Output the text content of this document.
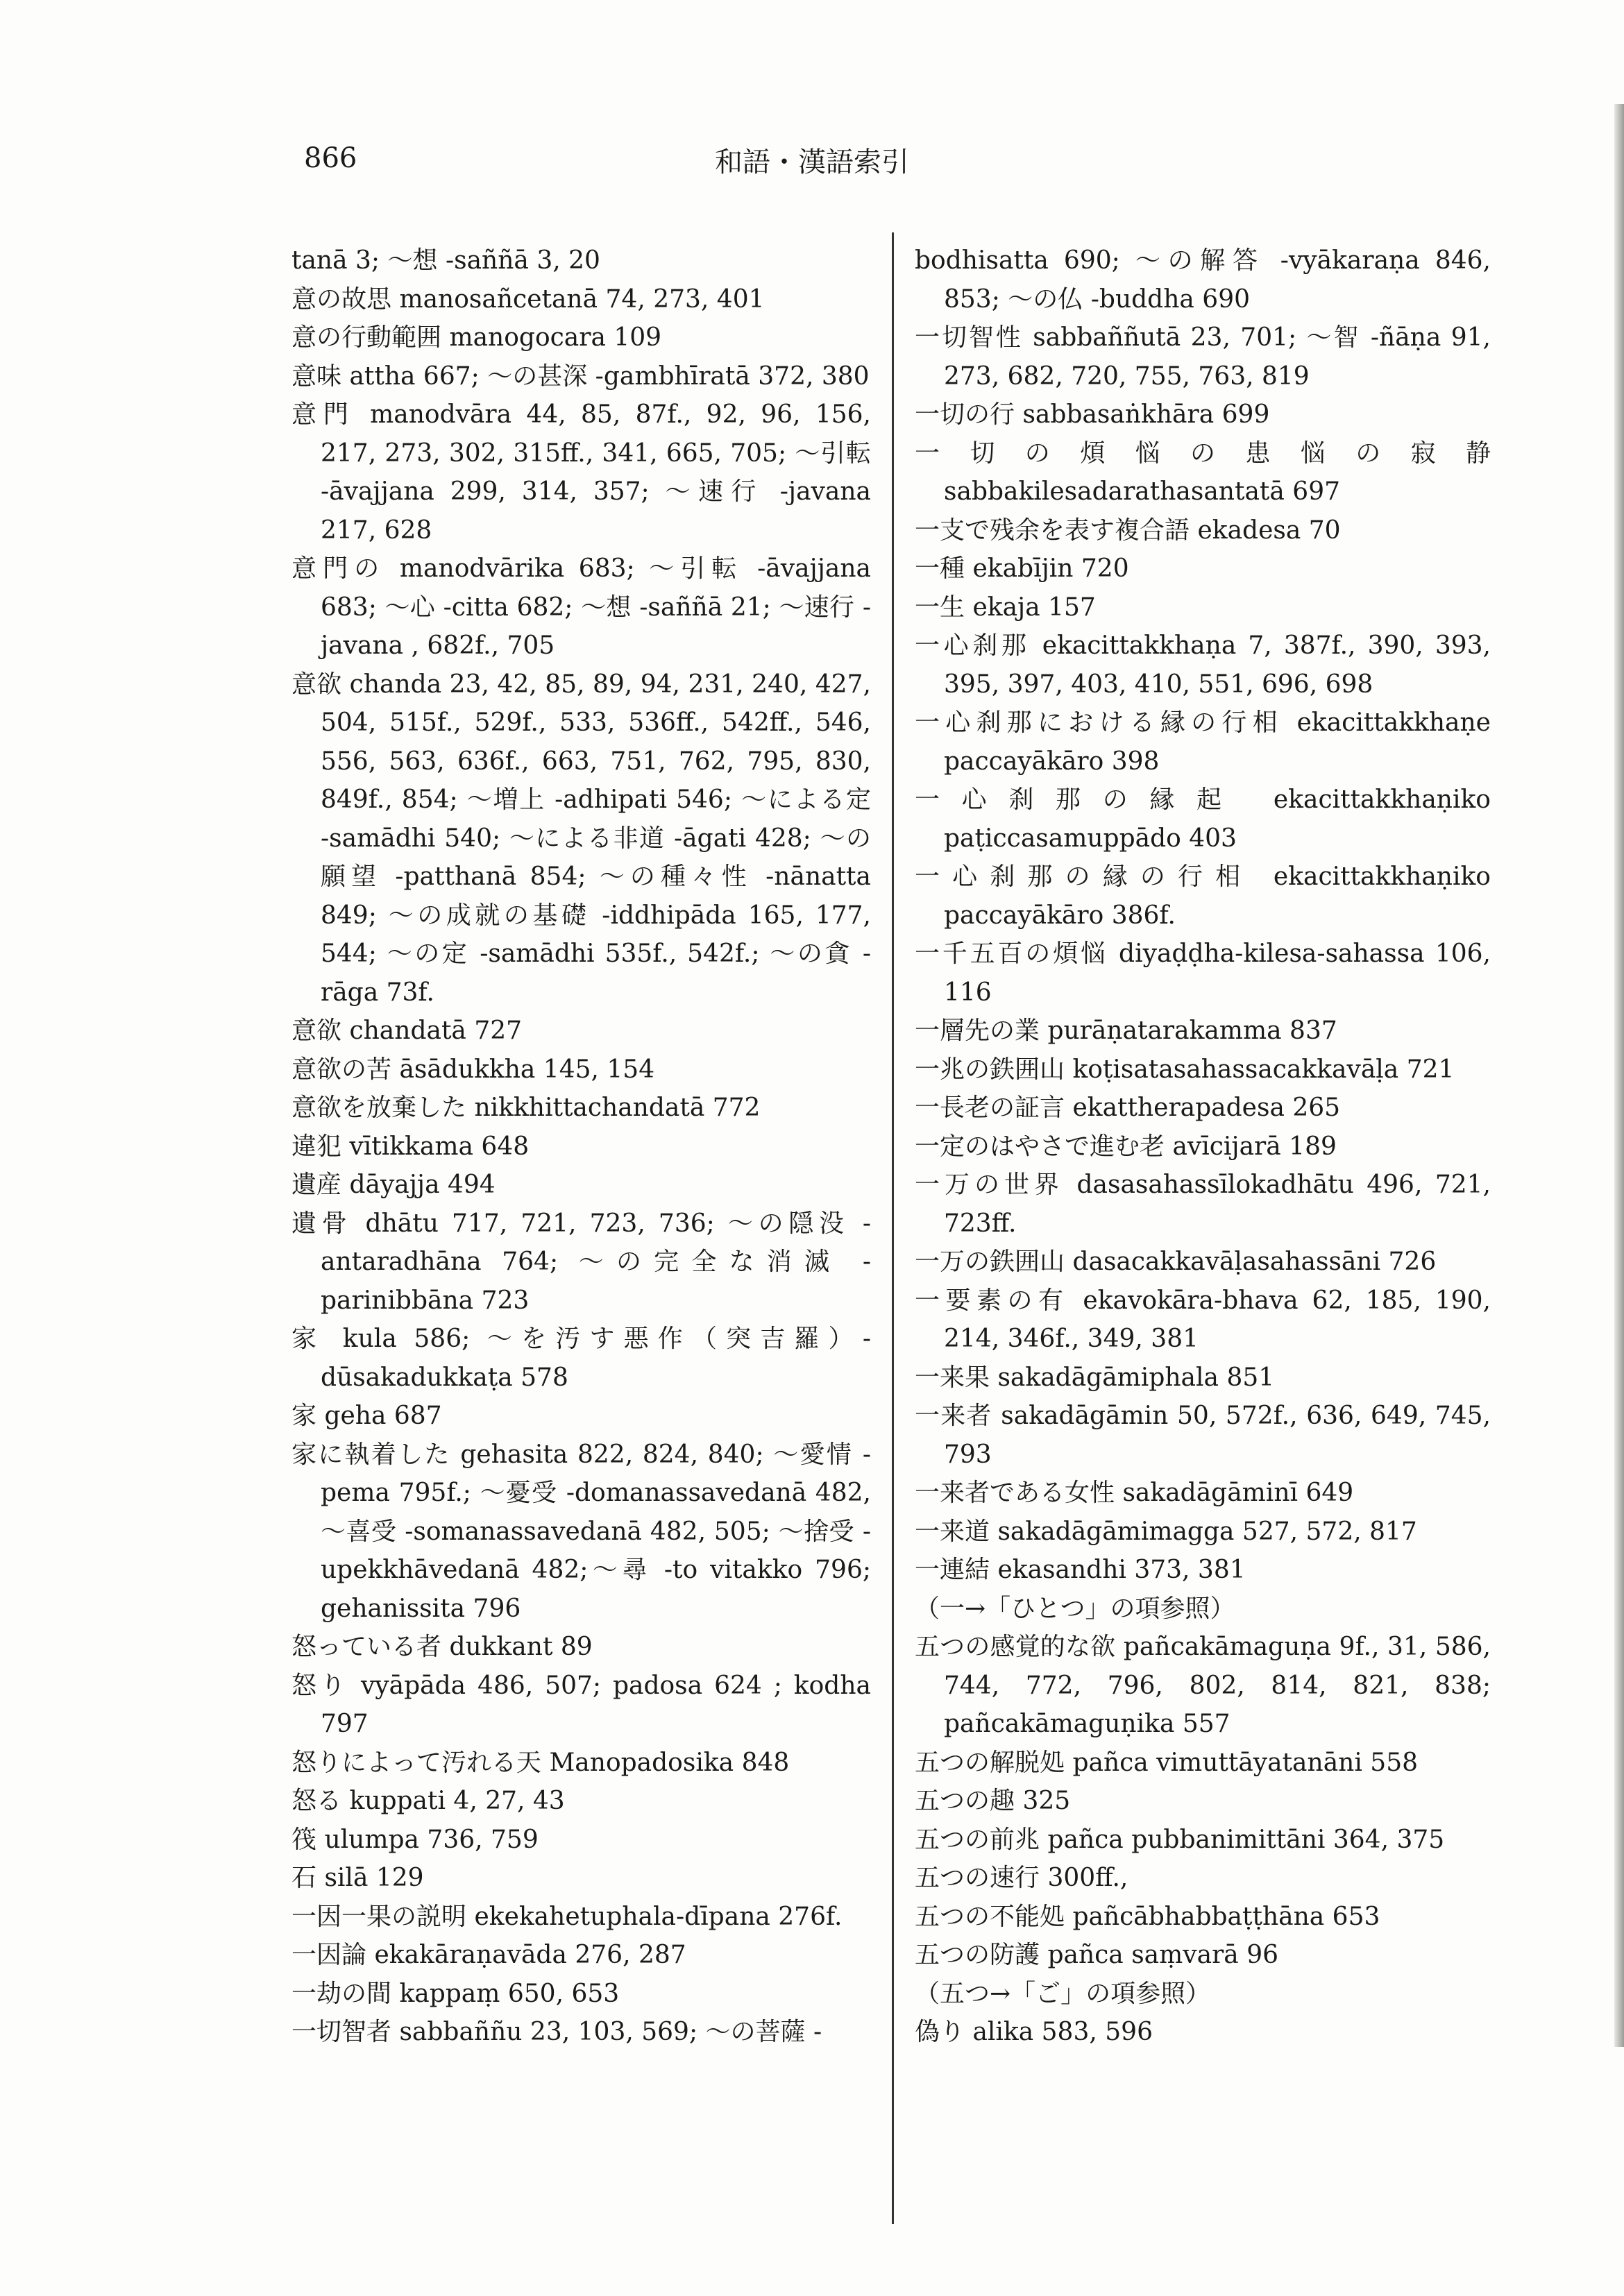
866	和語・漢語索引

tanā 3; ～想 -saññā 3, 20

意の故思 manosañcetanā 74, 273, 401

意の行動範囲 manogocara 109

意味 attha 667; ～の甚深 -gambhīratā 372, 380

意門 manodvāra 44, 85, 87f., 92, 96, 156, 217, 273, 302, 315ff., 341, 665, 705; ～引転 -āvajjana 299, 314, 357; ～速行 -javana 217, 628

意門の manodvārika 683; ～引転 -āvajjana 683; ～心 -citta 682; ～想 -saññā 21; ～速行 -javana , 682f., 705

意欲 chanda 23, 42, 85, 89, 94, 231, 240, 427, 504, 515f., 529f., 533, 536ff., 542ff., 546, 556, 563, 636f., 663, 751, 762, 795, 830, 849f., 854; ～増上 -adhipati 546; ～による定 -samādhi 540; ～による非道 -āgati 428; ～の願望 -patthanā 854; ～の種々性 -nānatta 849; ～の成就の基礎 -iddhipāda 165, 177, 544; ～の定 -samādhi 535f., 542f.; ～の貪 -rāga 73f.

意欲 chandatā 727

意欲の苦 āsādukkha 145, 154

意欲を放棄した nikkhittachandatā 772

違犯 vītikkama 648

遺産 dāyajja 494

遺骨 dhātu 717, 721, 723, 736; ～の隠没 -antaradhāna 764; ～の完全な消滅 -parinibbāna 723

家 kula 586; ～を汚す悪作（突吉羅）-dūsakadukkaṭa 578

家 geha 687

家に執着した gehasita 822, 824, 840; ～愛情 -pema 795f.; ～憂受 -domanassavedanā 482, ～喜受 -somanassavedanā 482, 505; ～捨受 -upekkhāvedanā 482;～尋 -to vitakko 796; gehanissita 796

怒っている者 dukkant 89

怒り vyāpāda 486, 507; padosa 624 ; kodha 797

怒りによって汚れる天 Manopadosika 848

怒る kuppati 4, 27, 43

筏 ulumpa 736, 759

石 silā 129

一因一果の説明 ekekahetuphala-dīpana 276f.

一因論 ekakāraṇavāda 276, 287

一劫の間 kappaṃ 650, 653

一切智者 sabbaññu 23, 103, 569; ～の菩薩 -

bodhisatta 690; ～の解答 -vyākaraṇa 846, 853; ～の仏 -buddha 690

一切智性 sabbaññutā 23, 701; ～智 -ñāṇa 91, 273, 682, 720, 755, 763, 819

一切の行 sabbasaṅkhāra 699

一切の煩悩の患悩の寂静 sabbakilesadarathasantatā 697

一支で残余を表す複合語 ekadesa 70

一種 ekabījin 720

一生 ekaja 157

一心刹那 ekacittakkhaṇa 7, 387f., 390, 393, 395, 397, 403, 410, 551, 696, 698

一心刹那における縁の行相 ekacittakkhaṇe paccayākāro 398

一心刹那の縁起 ekacittakkhaṇiko paṭiccasamuppādo 403

一心刹那の縁の行相 ekacittakkhaṇiko paccayākāro 386f.

一千五百の煩悩 diyaḍḍha-kilesa-sahassa 106, 116

一層先の業 purāṇatarakamma 837

一兆の鉄囲山 koṭisatasahassacakkavāḷa 721

一長老の証言 ekattherapadesa 265

一定のはやさで進む老 avīcijarā 189

一万の世界 dasasahassīlokadhātu 496, 721, 723ff.

一万の鉄囲山 dasacakkavāḷasahassāni 726

一要素の有 ekavokāra-bhava 62, 185, 190, 214, 346f., 349, 381

一来果 sakadāgāmiphala 851

一来者 sakadāgāmin 50, 572f., 636, 649, 745, 793

一来者である女性 sakadāgāminī 649

一来道 sakadāgāmimagga 527, 572, 817

一連結 ekasandhi 373, 381

（一→「ひとつ」の項参照）

五つの感覚的な欲 pañcakāmaguṇa 9f., 31, 586, 744, 772, 796, 802, 814, 821, 838; pañcakāmaguṇika 557

五つの解脱処 pañca vimuttāyatanāni 558

五つの趣 325

五つの前兆 pañca pubbanimittāni 364, 375

五つの速行 300ff.,

五つの不能処 pañcābhabbaṭṭhāna 653

五つの防護 pañca saṃvarā 96

（五つ→「ご」の項参照）

偽り alika 583, 596
